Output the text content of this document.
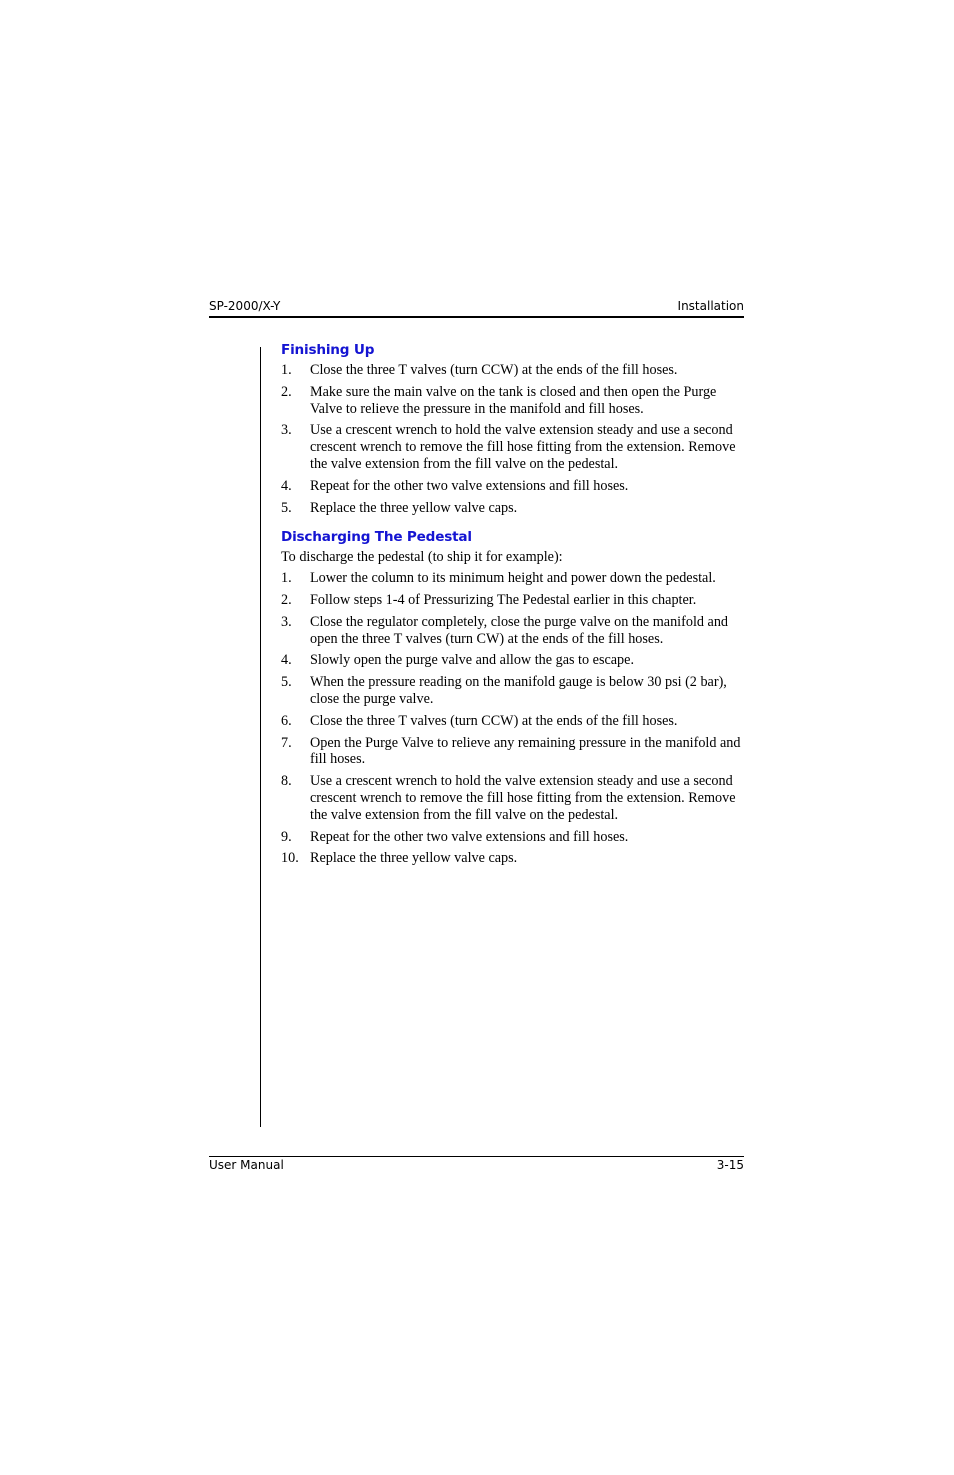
SP-2000/X-Y	Installation
Finishing Up
1. Close the three T valves (turn CCW) at the ends of the fill hoses.
2. Make sure the main valve on the tank is closed and then open the Purge Valve to relieve the pressure in the manifold and fill hoses.
3. Use a crescent wrench to hold the valve extension steady and use a second crescent wrench to remove the fill hose fitting from the extension. Remove the valve extension from the fill valve on the pedestal.
4. Repeat for the other two valve extensions and fill hoses.
5. Replace the three yellow valve caps.
Discharging The Pedestal

To discharge the pedestal (to ship it for example):

1. Lower the column to its minimum height and power down the pedestal.
2. Follow steps 1-4 of Pressurizing The Pedestal earlier in this chapter.
3. Close the regulator completely, close the purge valve on the manifold and open the three T valves (turn CW) at the ends of the fill hoses.
4. Slowly open the purge valve and allow the gas to escape.
5. When the pressure reading on the manifold gauge is below 30 psi (2 bar), close the purge valve.
6. Close the three T valves (turn CCW) at the ends of the fill hoses.
7. Open the Purge Valve to relieve any remaining pressure in the manifold and fill hoses.
8. Use a crescent wrench to hold the valve extension steady and use a second crescent wrench to remove the fill hose fitting from the extension. Remove the valve extension from the fill valve on the pedestal.
9. Repeat for the other two valve extensions and fill hoses.
10. Replace the three yellow valve caps.
User Manual	3-15
